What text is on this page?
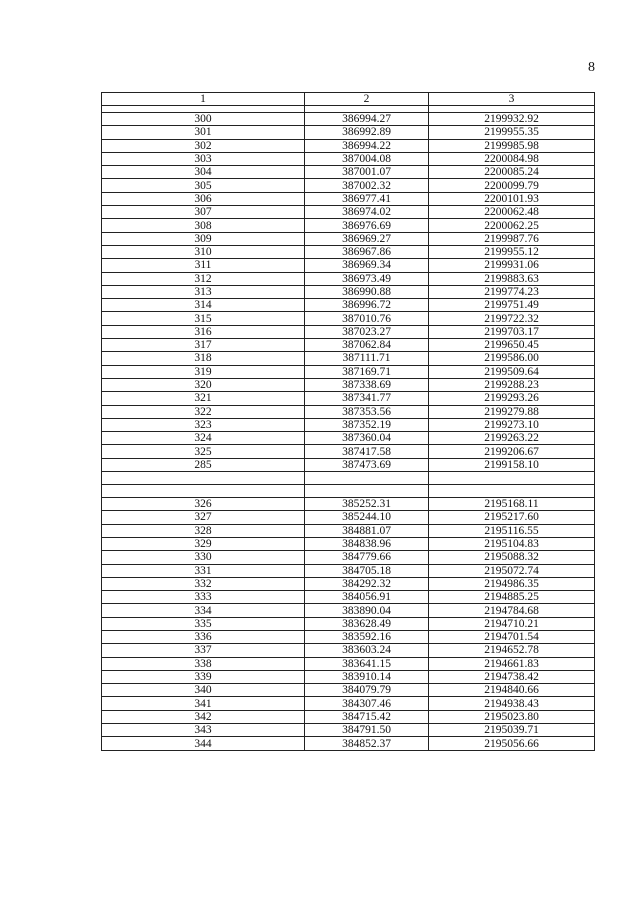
8
1	2	3

300	386994.27	2199932.92
301	386992.89	2199955.35
302	386994.22	2199985.98
303	387004.08	2200084.98
304	387001.07	2200085.24
305	387002.32	2200099.79
306	386977.41	2200101.93
307	386974.02	2200062.48
308	386976.69	2200062.25
309	386969.27	2199987.76
310	386967.86	2199955.12
311	386969.34	2199931.06
312	386973.49	2199883.63
313	386990.88	2199774.23
314	386996.72	2199751.49
315	387010.76	2199722.32
316	387023.27	2199703.17
317	387062.84	2199650.45
318	387111.71	2199586.00
319	387169.71	2199509.64
320	387338.69	2199288.23
321	387341.77	2199293.26
322	387353.56	2199279.88
323	387352.19	2199273.10
324	387360.04	2199263.22
325	387417.58	2199206.67
285	387473.69	2199158.10

326	385252.31	2195168.11
327	385244.10	2195217.60
328	384881.07	2195116.55
329	384838.96	2195104.83
330	384779.66	2195088.32
331	384705.18	2195072.74
332	384292.32	2194986.35
333	384056.91	2194885.25
334	383890.04	2194784.68
335	383628.49	2194710.21
336	383592.16	2194701.54
337	383603.24	2194652.78
338	383641.15	2194661.83
339	383910.14	2194738.42
340	384079.79	2194840.66
341	384307.46	2194938.43
342	384715.42	2195023.80
343	384791.50	2195039.71
344	384852.37	2195056.66
